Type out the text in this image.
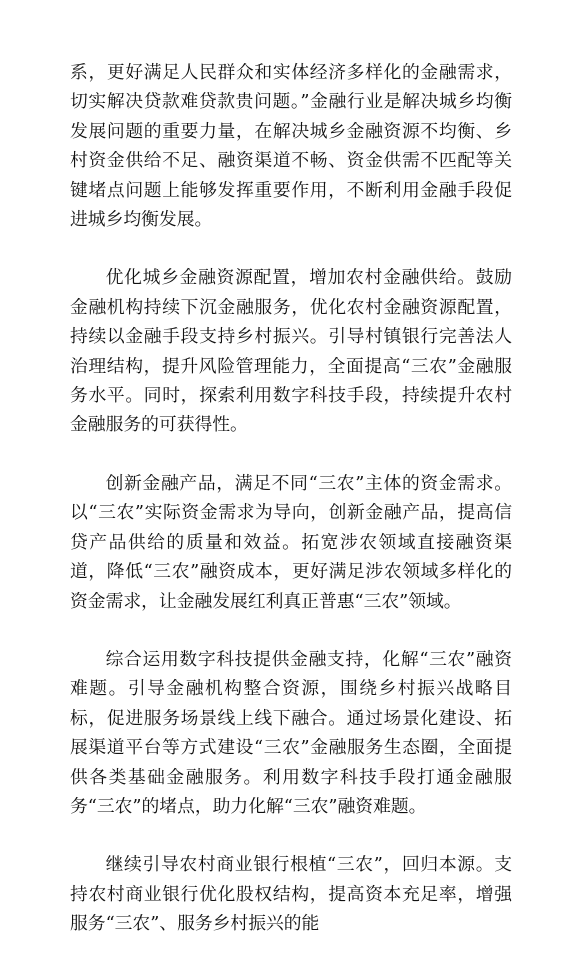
系，更好满足人民群众和实体经济多样化的金融需求，切实解决贷款难贷款贵问题。”金融行业是解决城乡均衡发展问题的重要力量，在解决城乡金融资源不均衡、乡村资金供给不足、融资渠道不畅、资金供需不匹配等关键堵点问题上能够发挥重要作用，不断利用金融手段促进城乡均衡发展。

优化城乡金融资源配置，增加农村金融供给。鼓励金融机构持续下沉金融服务，优化农村金融资源配置，持续以金融手段支持乡村振兴。引导村镇银行完善法人治理结构，提升风险管理能力，全面提高“三农”金融服务水平。同时，探索利用数字科技手段，持续提升农村金融服务的可获得性。

创新金融产品，满足不同“三农”主体的资金需求。以“三农”实际资金需求为导向，创新金融产品，提高信贷产品供给的质量和效益。拓宽涉农领域直接融资渠道，降低“三农”融资成本，更好满足涉农领域多样化的资金需求，让金融发展红利真正普惠“三农”领域。

综合运用数字科技提供金融支持，化解“三农”融资难题。引导金融机构整合资源，围绕乡村振兴战略目标，促进服务场景线上线下融合。通过场景化建设、拓展渠道平台等方式建设“三农”金融服务生态圈，全面提供各类基础金融服务。利用数字科技手段打通金融服务“三农”的堵点，助力化解“三农”融资难题。

继续引导农村商业银行根植“三农”，回归本源。支持农村商业银行优化股权结构，提高资本充足率，增强服务“三农”、服务乡村振兴的能
